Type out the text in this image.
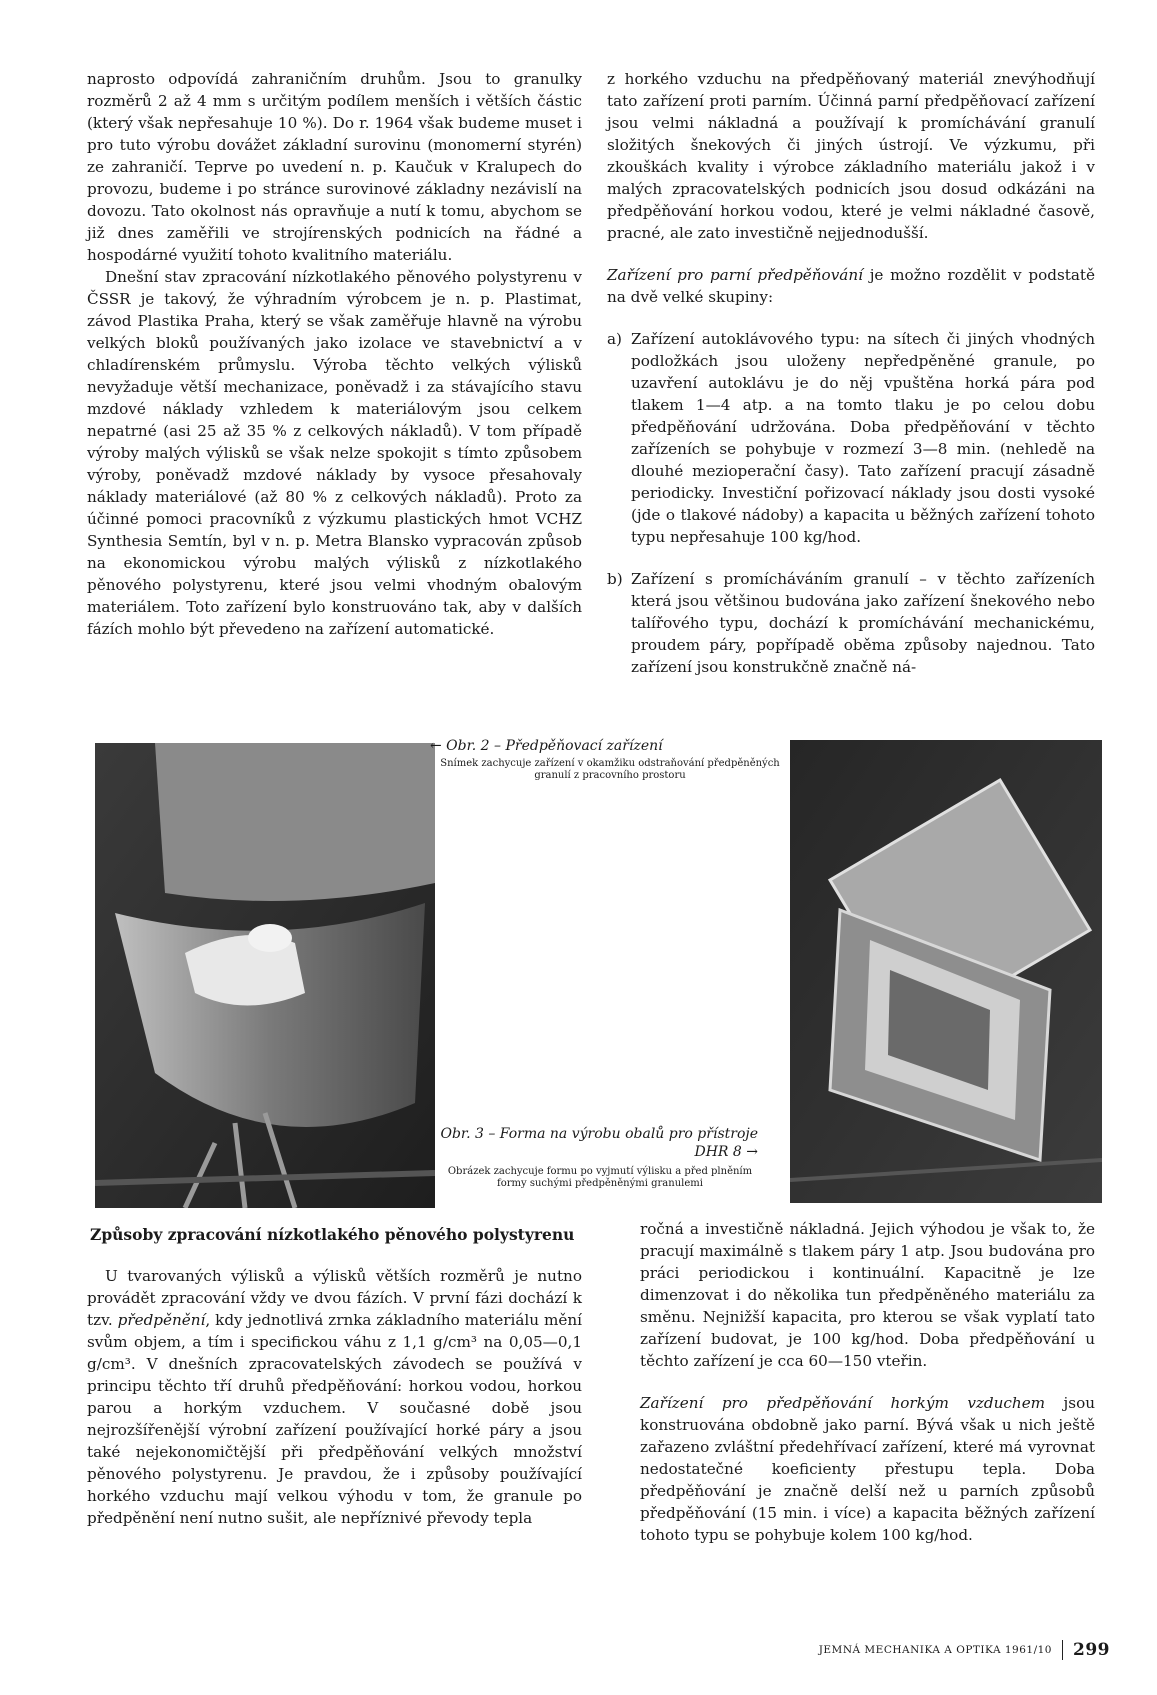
naprosto odpovídá zahraničním druhům. Jsou to granulky rozměrů 2 až 4 mm s určitým podílem menších i větších částic (který však nepřesahuje 10 %). Do r. 1964 však budeme muset i pro tuto výrobu dovážet základní surovinu (monomerní styrén) ze zahraničí. Teprve po uvedení n. p. Kaučuk v Kralupech do provozu, budeme i po stránce surovinové základny nezávislí na dovozu. Tato okolnost nás opravňuje a nutí k tomu, abychom se již dnes zaměřili ve strojírenských podnicích na řádné a hospodárné využití tohoto kvalitního materiálu.

Dnešní stav zpracování nízkotlakého pěnového polystyrenu v ČSSR je takový, že výhradním výrobcem je n. p. Plastimat, závod Plastika Praha, který se však zaměřuje hlavně na výrobu velkých bloků používaných jako izolace ve stavebnictví a v chladírenském průmyslu. Výroba těchto velkých výlisků nevyžaduje větší mechanizace, poněvadž i za stávajícího stavu mzdové náklady vzhledem k materiálovým jsou celkem nepatrné (asi 25 až 35 % z celkových nákladů). V tom případě výroby malých výlisků se však nelze spokojit s tímto způsobem výroby, poněvadž mzdové náklady by vysoce přesahovaly náklady materiálové (až 80 % z celkových nákladů). Proto za účinné pomoci pracovníků z výzkumu plastických hmot VCHZ Synthesia Semtín, byl v n. p. Metra Blansko vypracován způsob na ekonomickou výrobu malých výlisků z nízkotlakého pěnového polystyrenu, které jsou velmi vhodným obalovým materiálem. Toto zařízení bylo konstruováno tak, aby v dalších fázích mohlo být převedeno na zařízení automatické.

z horkého vzduchu na předpěňovaný materiál znevýhodňují tato zařízení proti parním. Účinná parní předpěňovací zařízení jsou velmi nákladná a používají k promíchávání granulí složitých šnekových či jiných ústrojí. Ve výzkumu, při zkouškách kvality i výrobce základního materiálu jakož i v malých zpracovatelských podnicích jsou dosud odkázáni na předpěňování horkou vodou, které je velmi nákladné časově, pracné, ale zato investičně nejjednodušší.

Zařízení pro parní předpěňování je možno rozdělit v podstatě na dvě velké skupiny:

a) Zařízení autoklávového typu: na sítech či jiných vhodných podložkách jsou uloženy nepředpěněné granule, po uzavření autoklávu je do něj vpuštěna horká pára pod tlakem 1—4 atp. a na tomto tlaku je po celou dobu předpěňování udržována. Doba předpěňování v těchto zařízeních se pohybuje v rozmezí 3—8 min. (nehledě na dlouhé mezioperační časy). Tato zařízení pracují zásadně periodicky. Investiční pořizovací náklady jsou dosti vysoké (jde o tlakové nádoby) a kapacita u běžných zařízení tohoto typu nepřesahuje 100 kg/hod.
b) Zařízení s promícháváním granulí – v těchto zařízeních která jsou většinou budována jako zařízení šnekového nebo talířového typu, dochází k promíchávání mechanickému, proudem páry, popřípadě oběma způsoby najednou. Tato zařízení jsou konstrukčně značně ná-
← Obr. 2 – Předpěňovací zařízení
Snímek zachycuje zařízení v okamžiku odstraňování předpěněných granulí z pracovního prostoru
Obr. 3 – Forma na výrobu obalů pro přístroje DHR 8 →
Obrázek zachycuje formu po vyjmutí výlisku a před plněním formy suchými předpěněnými granulemi
Způsoby zpracování nízkotlakého pěnového polystyrenu

U tvarovaných výlisků a výlisků větších rozměrů je nutno provádět zpracování vždy ve dvou fázích. V první fázi dochází k tzv. předpěnění, kdy jednotlivá zrnka základního materiálu mění svům objem, a tím i specifickou váhu z 1,1 g/cm³ na 0,05—0,1 g/cm³. V dnešních zpracovatelských závodech se používá v principu těchto tří druhů předpěňování: horkou vodou, horkou parou a horkým vzduchem. V současné době jsou nejrozšířenější výrobní zařízení používající horké páry a jsou také nejekonomičtější při předpěňování velkých množství pěnového polystyrenu. Je pravdou, že i způsoby používající horkého vzduchu mají velkou výhodu v tom, že granule po předpěnění není nutno sušit, ale nepříznivé převody tepla

ročná a investičně nákladná. Jejich výhodou je však to, že pracují maximálně s tlakem páry 1 atp. Jsou budována pro práci periodickou i kontinuální. Kapacitně je lze dimenzovat i do několika tun předpěněného materiálu za směnu. Nejnižší kapacita, pro kterou se však vyplatí tato zařízení budovat, je 100 kg/hod. Doba předpěňování u těchto zařízení je cca 60—150 vteřin.

Zařízení pro předpěňování horkým vzduchem jsou konstruována obdobně jako parní. Bývá však u nich ještě zařazeno zvláštní předehřívací zařízení, které má vyrovnat nedostatečné koeficienty přestupu tepla. Doba předpěňování je značně delší než u parních způsobů předpěňování (15 min. i více) a kapacita běžných zařízení tohoto typu se pohybuje kolem 100 kg/hod.

JEMNÁ MECHANIKA A OPTIKA 1961/10 299
